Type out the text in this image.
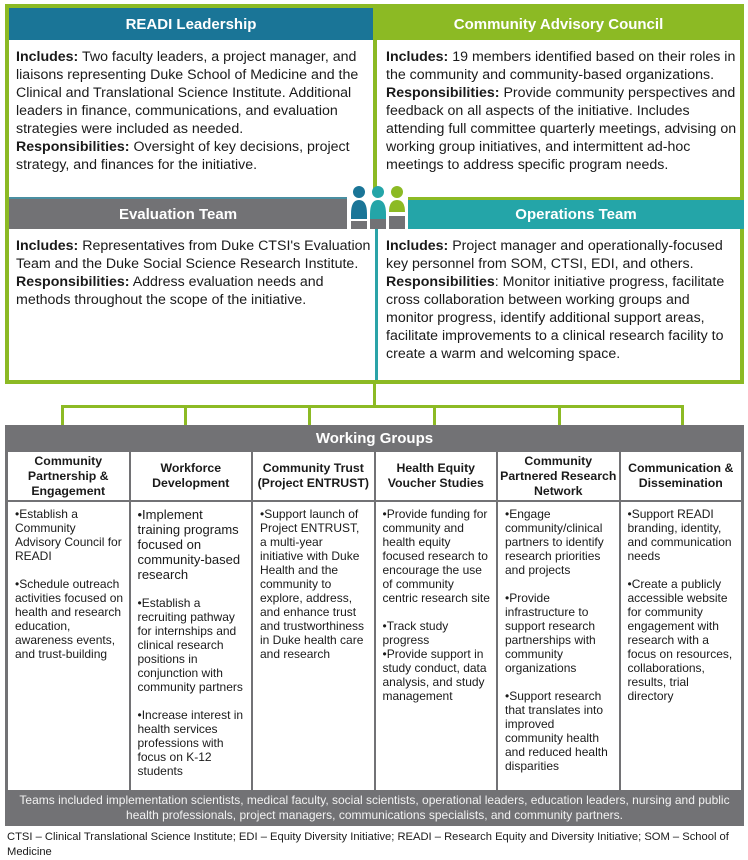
READI Leadership
Includes: Two faculty leaders, a project manager, and liaisons representing Duke School of Medicine and the Clinical and Translational Science Institute. Additional leaders in finance, communications, and evaluation strategies were included as needed.
Responsibilities: Oversight of key decisions, project strategy, and finances for the initiative.
Community Advisory Council
Includes: 19 members identified based on their roles in the community and community-based organizations.
Responsibilities: Provide community perspectives and feedback on all aspects of the initiative. Includes attending full committee quarterly meetings, advising on working group initiatives, and intermittent ad-hoc meetings to address specific program needs.
Evaluation Team
Includes: Representatives from Duke CTSI's Evaluation Team and the Duke Social Science Research Institute.
Responsibilities: Address evaluation needs and methods throughout the scope of the initiative.
Operations Team
Includes: Project manager and operationally-focused key personnel from SOM, CTSI, EDI, and others.
Responsibilities: Monitor initiative progress, facilitate cross collaboration between working groups and monitor progress, identify additional support areas, facilitate improvements to a clinical research facility to create a warm and welcoming space.
Working Groups
Community Partnership & Engagement

•Establish a Community Advisory Council for READI

•Schedule outreach activities focused on health and research education, awareness events, and trust-building

Workforce Development

•Implement training programs focused on community-based research

•Establish a recruiting pathway for internships and clinical research positions in conjunction with community partners

•Increase interest in health services professions with focus on K-12 students

Community Trust (Project ENTRUST)

•Support launch of Project ENTRUST, a multi-year initiative with Duke Health and the community to explore, address, and enhance trust and trustworthiness in Duke health care and research

Health Equity Voucher Studies

•Provide funding for community and health equity focused research to encourage the use of community centric research site

•Track study progress

•Provide support in study conduct, data analysis, and study management

Community Partnered Research Network

•Engage community/clinical partners to identify research priorities and projects

•Provide infrastructure to support research partnerships with community organizations

•Support research that translates into improved community health and reduced health disparities

Communication & Dissemination

•Support READI branding, identity, and communication needs

•Create a publicly accessible website for community engagement with research with a focus on resources, collaborations, results, trial directory

Teams included implementation scientists, medical faculty, social scientists, operational leaders, education leaders, nursing and public health professionals, project managers, communications specialists, and community partners.
CTSI – Clinical Translational Science Institute; EDI – Equity Diversity Initiative; READI – Research Equity and Diversity Initiative; SOM – School of Medicine
